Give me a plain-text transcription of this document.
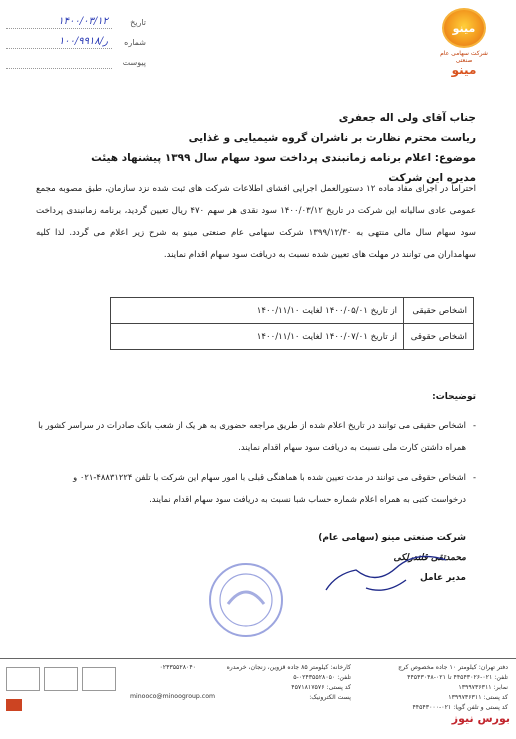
مینو
شرکت سهامی عام صنعتی
مینو
تاریخ
۱۴۰۰/۰۳/۱۲
شماره
۱۰۰/۹۹۱۸/ر
پیوست
جناب آقای ولی اله جعفری
ریاست محترم نظارت بر ناشران گروه شیمیایی و غذایی
موضوع: اعلام برنامه زمانبندی پرداخت سود سهام سال ۱۳۹۹ پیشنهاد هیئت مدیره این شرکت
احتراماً در اجرای مفاد ماده ۱۲ دستورالعمل اجرایی افشای اطلاعات شرکت های ثبت شده نزد سازمان، طبق مصوبه مجمع عمومی عادی سالیانه این شرکت در تاریخ ۱۴۰۰/۰۳/۱۲ سود نقدی هر سهم ۴۷۰ ریال تعیین گردید، برنامه زمانبندی پرداخت سود سهام سال مالی منتهی به ۱۳۹۹/۱۲/۳۰ شرکت سهامی عام صنعتی مینو به شرح زیر اعلام می گردد. لذا کلیه سهامداران می توانند در مهلت های تعیین شده نسبت به دریافت سود سهام اقدام نمایند.
اشخاص حقیقی	از تاریخ ۱۴۰۰/۰۵/۰۱ لغایت ۱۴۰۰/۱۱/۱۰
اشخاص حقوقی	از تاریخ ۱۴۰۰/۰۷/۰۱ لغایت ۱۴۰۰/۱۱/۱۰
توضیحات:
- اشخاص حقیقی می توانند در تاریخ اعلام شده از طریق مراجعه حضوری به هر یک از شعب بانک صادرات در سراسر کشور با همراه داشتن کارت ملی نسبت به دریافت سود سهام اقدام نمایند.
- اشخاص حقوقی می توانند در مدت تعیین شده با هماهنگی قبلی با امور سهام این شرکت با تلفن ۴۸۸۳۱۲۲۴-۰۲۱ و درخواست کتبی به همراه اعلام شماره حساب شبا نسبت به دریافت سود سهام اقدام نمایند.
شرکت صنعتی مینو (سهامی عام)
محمدتقی قلندرلکی
مدیر عامل
دفتر تهران: کیلومتر ۱۰ جاده مخصوص کرج
تلفن: ۰۲۱-۴۴۵۴۳۰۲۶ تا ۰۲۱-۴۴۵۴۳۰۴۸
نمابر: ۱۳۹۹۷۳۶۳۱۱
کد پستی: ۱۳۹۹۷۳۶۳۱۱
کد پستی و تلفن گویا: ۰۲۱-۴۴۵۴۳۰۰۰
کارخانه: کیلومتر ۸۵ جاده قزوین، زنجان، خرمدره
تلفن: ۰۲۴۳۵۵۲۸۰۵۰-۵
کد پستی: ۴۵۷۱۸۱۷۵۷۶
پست الکترونیک:
۰۲۴۳۵۵۲۸۰۴۰
minooco@minoogroup.com
بورس نیوز
